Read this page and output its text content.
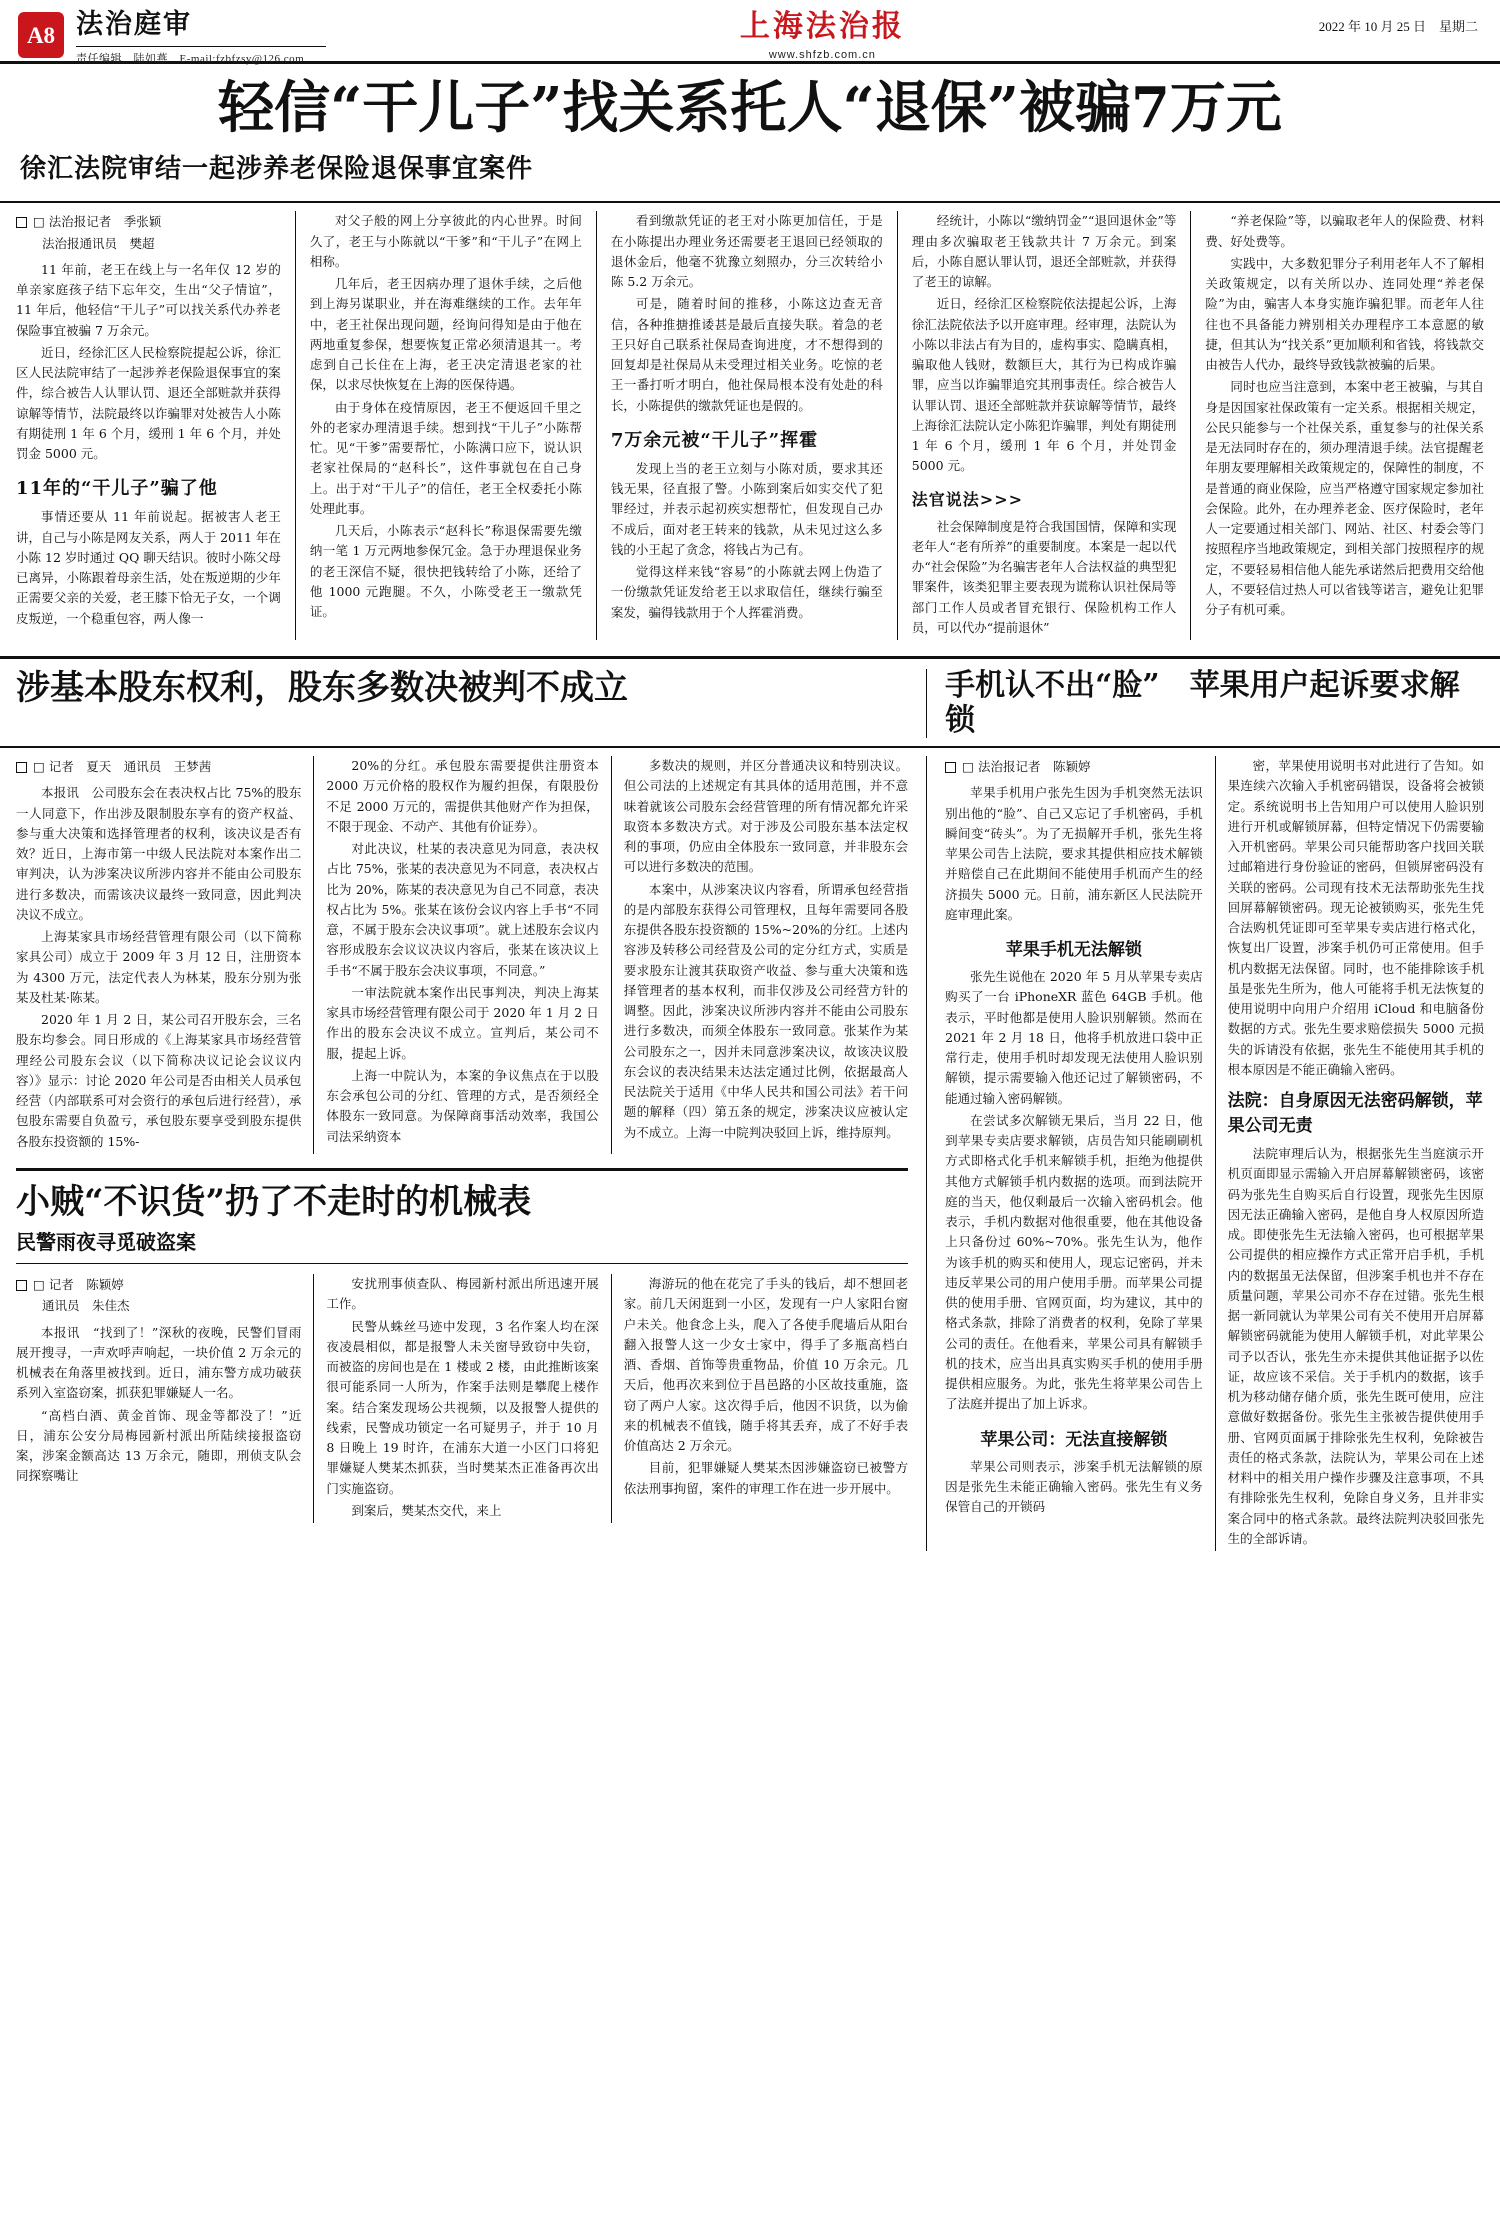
A8 法治庭审
责任编辑　陆如燕　E-mail:fzbfzsy@126.com
上海法治报
www.shfzb.com.cn
2022 年 10 月 25 日　星期二
轻信“干儿子”找关系托人“退保”被骗7万元
徐汇法院审结一起涉养老保险退保事宜案件
□ 法治报记者　季张颖
法治报通讯员　樊超

11 年前，老王在线上与一名年仅 12 岁的单亲家庭孩子结下忘年交，生出“父子情谊”，11 年后，他轻信“干儿子”可以找关系代办养老保险事宜被骗 7 万余元。

近日，经徐汇区人民检察院提起公诉，徐汇区人民法院审结了一起涉养老保险退保事宜的案件，综合被告人认罪认罚、退还全部赃款并获得谅解等情节，法院最终以诈骗罪对处被告人小陈有期徒刑 1 年 6 个月，缓刑 1 年 6 个月，并处罚金 5000 元。

11年的“干儿子”骗了他

事情还要从 11 年前说起。据被害人老王讲，自己与小陈是网友关系，两人于 2011 年在小陈 12 岁时通过 QQ 聊天结识。彼时小陈父母已离异，小陈跟着母亲生活，处在叛逆期的少年正需要父亲的关爱，老王膝下恰无子女，一个调皮叛逆，一个稳重包容，两人像一

对父子般的网上分享彼此的内心世界。时间久了，老王与小陈就以“干爹”和“干儿子”在网上相称。

几年后，老王因病办理了退休手续，之后他到上海另谋职业，并在海难继续的工作。去年年中，老王社保出现问题，经询问得知是由于他在两地重复参保，想要恢复正常必须清退其一。考虑到自己长住在上海，老王决定清退老家的社保，以求尽快恢复在上海的医保待遇。

由于身体在疫情原因，老王不便返回千里之外的老家办理清退手续。想到找“干儿子”小陈帮忙。见“干爹”需要帮忙，小陈满口应下，说认识老家社保局的“赵科长”，这件事就包在自己身上。出于对“干儿子”的信任，老王全权委托小陈处理此事。

几天后，小陈表示“赵科长”称退保需要先缴纳一笔 1 万元两地参保冗金。急于办理退保业务的老王深信不疑，很快把钱转给了小陈，还给了他 1000 元跑腿。不久，小陈受老王一缴款凭证。

看到缴款凭证的老王对小陈更加信任，于是在小陈提出办理业务还需要老王退回已经领取的退休金后，他毫不犹豫立刻照办，分三次转给小陈 5.2 万余元。

可是，随着时间的推移，小陈这边查无音信，各种推搪推诿甚是最后直接失联。着急的老王只好自己联系社保局查询进度，才不想得到的回复却是社保局从未受理过相关业务。吃惊的老王一番打听才明白，他社保局根本没有处赴的科长，小陈提供的缴款凭证也是假的。

7万余元被“干儿子”挥霍

发现上当的老王立刻与小陈对质，要求其还钱无果，径直报了警。小陈到案后如实交代了犯罪经过，并表示起初疾实想帮忙，但发现自己办不成后，面对老王转来的钱款，从未见过这么多钱的小王起了贪念，将钱占为己有。

觉得这样来钱“容易”的小陈就去网上伪造了一份缴款凭证发给老王以求取信任，继续行骗至案发，骗得钱款用于个人挥霍消费。

经统计，小陈以“缴纳罚金”“退回退休金”等理由多次骗取老王钱款共计 7 万余元。到案后，小陈自愿认罪认罚，退还全部赃款，并获得了老王的谅解。

近日，经徐汇区检察院依法提起公诉，上海徐汇法院依法予以开庭审理。经审理，法院认为小陈以非法占有为目的，虚构事实、隐瞒真相，骗取他人钱财，数额巨大，其行为已构成诈骗罪，应当以诈骗罪追究其刑事责任。综合被告人认罪认罚、退还全部赃款并获谅解等情节，最终上海徐汇法院认定小陈犯诈骗罪，判处有期徒刑 1 年 6 个月，缓刑 1 年 6 个月，并处罚金 5000 元。

法官说法>>>

社会保障制度是符合我国国情，保障和实现老年人“老有所养”的重要制度。本案是一起以代办“社会保险”为名骗害老年人合法权益的典型犯罪案件，该类犯罪主要表现为谎称认识社保局等部门工作人员或者冒充银行、保险机构工作人员，可以代办“提前退休”

“养老保险”等，以骗取老年人的保险费、材料费、好处费等。

实践中，大多数犯罪分子利用老年人不了解相关政策规定，以有关所以办、连同处理“养老保险”为由，骗害人本身实施诈骗犯罪。而老年人往往也不具备能力辨别相关办理程序工本意愿的敏捷，但其认为“找关系”更加顺利和省钱，将钱款交由被告人代办，最终导致钱款被骗的后果。

同时也应当注意到，本案中老王被骗，与其自身是因国家社保政策有一定关系。根据相关规定，公民只能参与一个社保关系，重复参与的社保关系是无法同时存在的，须办理清退手续。法官提醒老年朋友要理解相关政策规定的，保障性的制度，不是普通的商业保险，应当严格遵守国家规定参加社会保险。此外，在办理养老金、医疗保险时，老年人一定要通过相关部门、网站、社区、村委会等门按照程序当地政策规定，到相关部门按照程序的规定，不要轻易相信他人能先承诺然后把费用交给他人，不要轻信过热人可以省钱等诺言，避免让犯罪分子有机可乘。

涉基本股东权利，股东多数决被判不成立	手机认不出“脸”　苹果用户起诉要求解锁
□ 记者　夏天　通讯员　王梦茜

本报讯　公司股东会在表决权占比 75%的股东一人同意下，作出涉及限制股东享有的资产权益、参与重大决策和选择管理者的权利，该决议是否有效？近日，上海市第一中级人民法院对本案作出二审判决，认为涉案决议所涉内容并不能由公司股东进行多数决，而需该决议最终一致同意，因此判决决议不成立。

上海某家具市场经营管理有限公司（以下简称家具公司）成立于 2009 年 3 月 12 日，注册资本为 4300 万元，法定代表人为林某，股东分别为张某及杜某·陈某。

2020 年 1 月 2 日，某公司召开股东会，三名股东均参会。同日形成的《上海某家具市场经营管理经公司股东会议（以下简称决议记论会议议内容）》显示：讨论 2020 年公司是否由相关人员承包经营（内部联系可对会资行的承包后进行经营），承包股东需要自负盈亏，承包股东要享受到股东提供各股东投资额的 15%-

20%的分红。承包股东需要提供注册资本 2000 万元价格的股权作为履约担保，有限股份不足 2000 万元的，需提供其他财产作为担保，不限于现金、不动产、其他有价证券）。

对此决议，杜某的表决意见为同意，表决权占比 75%，张某的表决意见为不同意，表决权占比为 20%，陈某的表决意见为自己不同意，表决权占比为 5%。张某在该份会议内容上手书“不同意，不属于股东会决议事项”。就上述股东会议内容形成股东会议议决议内容后，张某在该决议上手书“不属于股东会决议事项，不同意。”

一审法院就本案作出民事判决，判决上海某家具市场经营管理有限公司于 2020 年 1 月 2 日作出的股东会决议不成立。宣判后，某公司不服，提起上诉。

上海一中院认为，本案的争议焦点在于以股东会承包公司的分红、管理的方式，是否须经全体股东一致同意。为保障商事活动效率，我国公司法采纳资本

多数决的规则，并区分普通决议和特别决议。但公司法的上述规定有其具体的适用范围，并不意味着就该公司股东会经营管理的所有情况都允许采取资本多数决方式。对于涉及公司股东基本法定权利的事项，仍应由全体股东一致同意，并非股东会可以进行多数决的范围。

本案中，从涉案决议内容看，所谓承包经营指的是内部股东获得公司管理权，且每年需要同各股东提供各股东投资额的 15%~20%的分红。上述内容涉及转移公司经营及公司的定分红方式，实质是要求股东让渡其获取资产收益、参与重大决策和选择管理者的基本权利，而非仅涉及公司经营方针的调整。因此，涉案决议所涉内容并不能由公司股东进行多数决，而须全体股东一致同意。张某作为某公司股东之一，因并未同意涉案决议，故该决议股东会议的表决结果未达法定通过比例，依据最高人民法院关于适用《中华人民共和国公司法》若干问题的解释（四）第五条的规定，涉案决议应被认定为不成立。上海一中院判决驳回上诉，维持原判。

小贼“不识货”扔了不走时的机械表
民警雨夜寻觅破盗案
□ 记者　陈颖婷
通讯员　朱佳杰

本报讯　“找到了！”深秋的夜晚，民警们冒雨展开搜寻，一声欢呼声响起，一块价值 2 万余元的机械表在角落里被找到。近日，浦东警方成功破获系列入室盗窃案，抓获犯罪嫌疑人一名。

“高档白酒、黄金首饰、现金等都没了！”近日，浦东公安分局梅园新村派出所陆续接报盗窃案，涉案金额高达 13 万余元，随即，刑侦支队会同探察嘴让

安扰刑事侦查队、梅园新村派出所迅速开展工作。

民警从蛛丝马迹中发现，3 名作案人均在深夜凌晨相似，都是报警人未关窗导致窃中失窃，而被盗的房间也是在 1 楼或 2 楼，由此推断该案很可能系同一人所为，作案手法则是攀爬上楼作案。结合案发现场公共视频，以及报警人提供的线索，民警成功锁定一名可疑男子，并于 10 月 8 日晚上 19 时许，在浦东大道一小区门口将犯罪嫌疑人樊某杰抓获，当时樊某杰正准备再次出门实施盗窃。

到案后，樊某杰交代，来上

海游玩的他在花完了手头的钱后，却不想回老家。前几天闲逛到一小区，发现有一户人家阳台窗户未关。他食念上头，爬入了各使手爬墙后从阳台翻入报警人这一少女士家中，得手了多瓶高档白酒、香烟、首饰等贵重物品，价值 10 万余元。几天后，他再次来到位于昌邑路的小区故技重施，盗窃了两户人家。这次得手后，他因不识货，以为偷来的机械表不值钱，随手将其丢弃，成了不好手表价值高达 2 万余元。

目前，犯罪嫌疑人樊某杰因涉嫌盗窃已被警方依法刑事拘留，案件的审理工作在进一步开展中。

□ 法治报记者　陈颖婷

苹果手机用户张先生因为手机突然无法识别出他的“脸”、自己又忘记了手机密码，手机瞬间变“砖头”。为了无损解开手机，张先生将苹果公司告上法院，要求其提供相应技术解锁并赔偿自己在此期间不能使用手机而产生的经济损失 5000 元。日前，浦东新区人民法院开庭审理此案。

苹果手机无法解锁

张先生说他在 2020 年 5 月从苹果专卖店购买了一台 iPhoneXR 蓝色 64GB 手机。他表示，平时他都是使用人脸识别解锁。然而在 2021 年 2 月 18 日，他将手机放进口袋中正常行走，使用手机时却发现无法使用人脸识别解锁，提示需要输入他还记过了解锁密码，不能通过输入密码解锁。

在尝试多次解锁无果后，当月 22 日，他到苹果专卖店要求解锁，店员告知只能刷刷机方式即格式化手机来解锁手机，拒绝为他提供其他方式解锁手机内数据的选项。而到法院开庭的当天，他仅剩最后一次输入密码机会。他表示，手机内数据对他很重要，他在其他设备上只备份过 60%~70%。张先生认为，他作为该手机的购买和使用人，现忘记密码，并未违反苹果公司的用户使用手册。而苹果公司提供的使用手册、官网页面，均为建议，其中的格式条款，排除了消费者的权利，免除了苹果公司的责任。在他看来，苹果公司具有解锁手机的技术，应当出具真实购买手机的使用手册提供相应服务。为此，张先生将苹果公司告上了法庭并提出了加上诉求。

苹果公司：无法直接解锁

苹果公司则表示，涉案手机无法解锁的原因是张先生未能正确输入密码。张先生有义务保管自己的开锁码

密，苹果使用说明书对此进行了告知。如果连续六次输入手机密码错误，设备将会被锁定。系统说明书上告知用户可以使用人脸识别进行开机或解锁屏幕，但特定情况下仍需要输入开机密码。苹果公司只能帮助客户找回关联过邮箱进行身份验证的密码，但锁屏密码没有关联的密码。公司现有技术无法帮助张先生找回屏幕解锁密码。现无论被锁购买，张先生凭合法购机凭证即可至苹果专卖店进行格式化，恢复出厂设置，涉案手机仍可正常使用。但手机内数据无法保留。同时，也不能排除该手机虽是张先生所为，他人可能将手机无法恢复的使用说明中向用户介绍用 iCloud 和电脑备份数据的方式。张先生要求赔偿损失 5000 元损失的诉请没有依据，张先生不能使用其手机的根本原因是不能正确输入密码。

法院：自身原因无法密码解锁，苹果公司无责

法院审理后认为，根据张先生当庭演示开机页面即显示需输入开启屏幕解锁密码，该密码为张先生自购买后自行设置，现张先生因原因无法正确输入密码，是他自身人权原因所造成。即使张先生无法输入密码，也可根据苹果公司提供的相应操作方式正常开启手机，手机内的数据虽无法保留，但涉案手机也并不存在质量问题，苹果公司亦不存在过错。张先生根据一新同就认为苹果公司有关不使用开启屏幕解锁密码就能为使用人解锁手机，对此苹果公司予以否认，张先生亦未提供其他证据予以佐证，故应该不采信。关于手机内的数据，该手机为移动储存储介质，张先生既可使用，应注意做好数据备份。张先生主张被告提供使用手册、官网页面属于排除张先生权利，免除被告责任的格式条款，法院认为，苹果公司在上述材料中的相关用户操作步骤及注意事项，不具有排除张先生权利，免除自身义务，且并非实案合同中的格式条款。最终法院判决驳回张先生的全部诉请。
